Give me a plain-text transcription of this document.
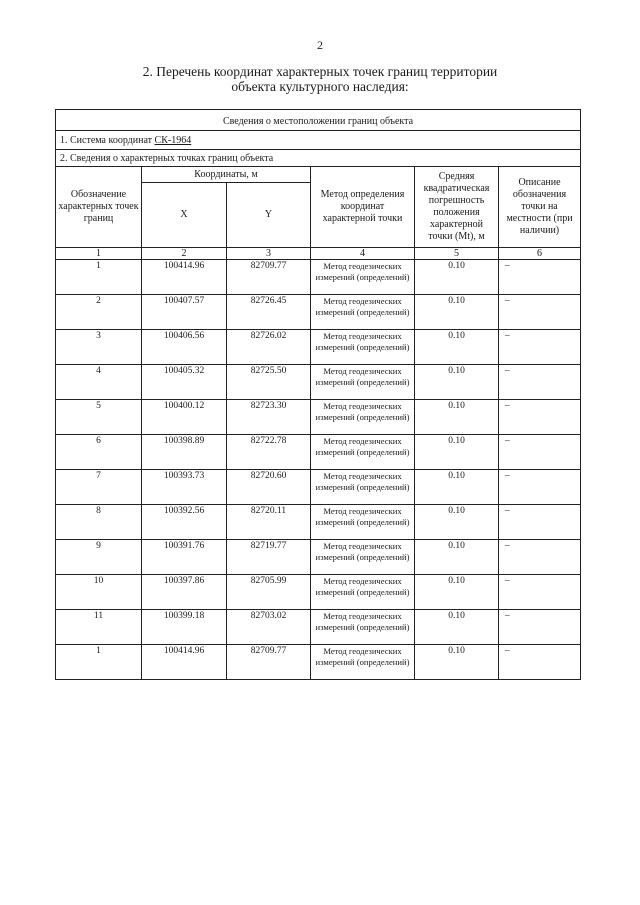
2
2. Перечень координат характерных точек границ территории
объекта культурного наследия:
Сведения о местоположении границ объекта					
1. Система координат СК-1964					
2. Сведения о характерных точках границ объекта					
Обозначение характерных точек границ	Координаты, м		Метод определения координат характерной точки	Средняя квадратическая погрешность положения характерной точки (Мt), м	Описание обозначения точки на местности (при наличии)
	X	Y			
1	2	3	4	5	6
1	100414.96	82709.77	Метод геодезических измерений (определений)	0.10	–
2	100407.57	82726.45	Метод геодезических измерений (определений)	0.10	–
3	100406.56	82726.02	Метод геодезических измерений (определений)	0.10	–
4	100405.32	82725.50	Метод геодезических измерений (определений)	0.10	–
5	100400.12	82723.30	Метод геодезических измерений (определений)	0.10	–
6	100398.89	82722.78	Метод геодезических измерений (определений)	0.10	–
7	100393.73	82720.60	Метод геодезических измерений (определений)	0.10	–
8	100392.56	82720.11	Метод геодезических измерений (определений)	0.10	–
9	100391.76	82719.77	Метод геодезических измерений (определений)	0.10	–
10	100397.86	82705.99	Метод геодезических измерений (определений)	0.10	–
11	100399.18	82703.02	Метод геодезических измерений (определений)	0.10	–
1	100414.96	82709.77	Метод геодезических измерений (определений)	0.10	–
